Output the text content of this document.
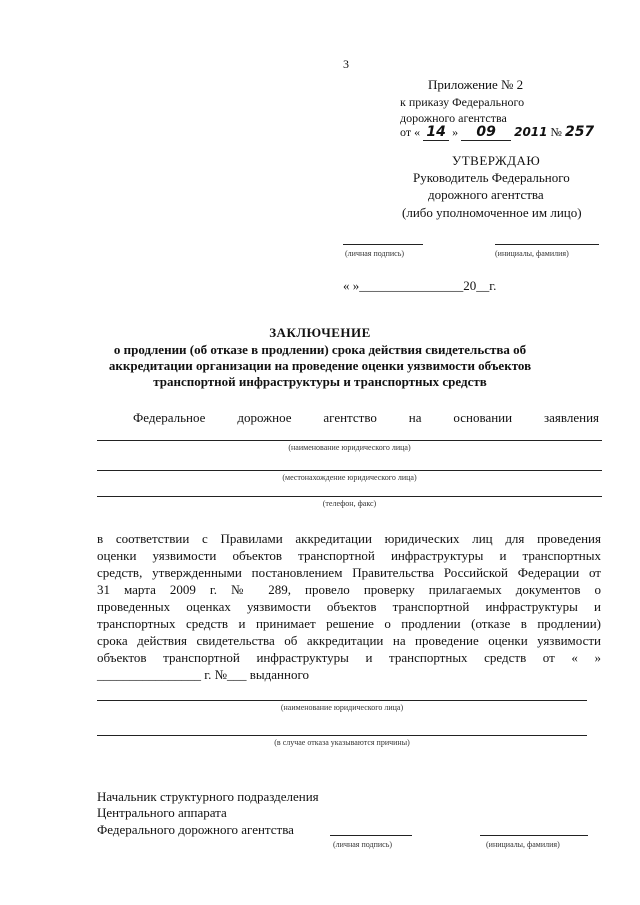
3
Приложение № 2
к приказу Федерального
дорожного агентства
от « 14 » 09 2011 № 257
УТВЕРЖДАЮ
Руководитель Федерального
дорожного агентства
(либо уполномоченное им лицо)
(личная подпись)	(инициалы, фамилия)
« »________________20__г.
ЗАКЛЮЧЕНИЕ
о продлении (об отказе в продлении) срока действия свидетельства об
аккредитации организации на проведение оценки уязвимости объектов
транспортной инфраструктуры и транспортных средств
Федеральное дорожное агентство на основании заявления
(наименование юридического лица)
(местонахождение юридического лица)
(телефон, факс)
в соответствии с Правилами аккредитации юридических лиц для проведения
оценки уязвимости объектов транспортной инфраструктуры и транспортных
средств, утвержденными постановлением Правительства Российской Федерации от
31 марта 2009 г. № 289, провело проверку прилагаемых документов о
проведенных оценках уязвимости объектов транспортной инфраструктуры и
транспортных средств и принимает решение о продлении (отказе в продлении)
срока действия свидетельства об аккредитации на проведение оценки уязвимости
объектов транспортной инфраструктуры и транспортных средств от « »
________________ г. №___ выданного
(наименование юридического лица)
(в случае отказа указываются причины)
Начальник структурного подразделения
Центрального аппарата
Федерального дорожного агентства
(личная подпись)	(инициалы, фамилия)
